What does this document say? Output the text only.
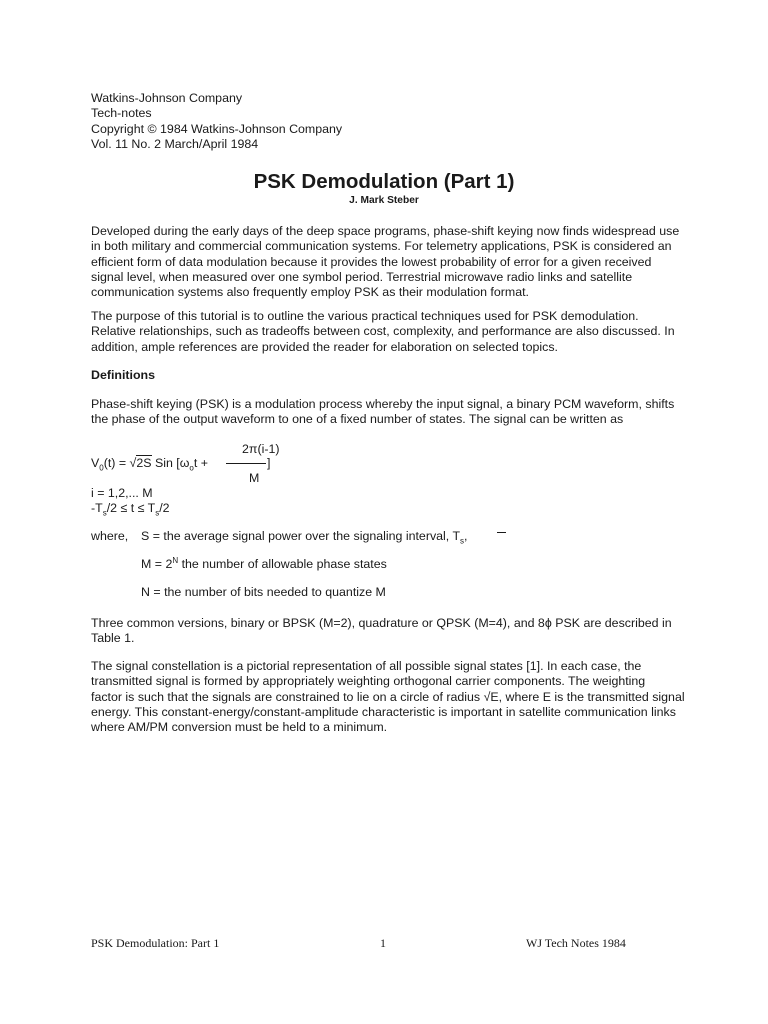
Watkins-Johnson Company
Tech-notes
Copyright © 1984 Watkins-Johnson Company
Vol. 11 No. 2 March/April 1984
PSK Demodulation (Part 1)
J. Mark Steber
Developed during the early days of the deep space programs, phase-shift keying now finds widespread use
in both military and commercial communication systems. For telemetry applications, PSK is considered an
efficient form of data modulation because it provides the lowest probability of error for a given received
signal level, when measured over one symbol period. Terrestrial microwave radio links and satellite
communication systems also frequently employ PSK as their modulation format.
The purpose of this tutorial is to outline the various practical techniques used for PSK demodulation.
Relative relationships, such as tradeoffs between cost, complexity, and performance are also discussed. In
addition, ample references are provided the reader for elaboration on selected topics.
Definitions
Phase-shift keying (PSK) is a modulation process whereby the input signal, a binary PCM waveform, shifts
the phase of the output waveform to one of a fixed number of states. The signal can be written as
2π(i-1)
$V_0(t) = √2S$ Sin [$\omega_ot$ +	]
M
i = 1,2,... M
$-T_s/2 \le t \le T_s/2$
where, S = the average signal power over the signaling interval, $T_s$,
$M = 2^N$ the number of allowable phase states
N = the number of bits needed to quantize M
Three common versions, binary or BPSK (M=2), quadrature or QPSK (M=4), and 8ϕ PSK are described in
Table 1.
The signal constellation is a pictorial representation of all possible signal states [1]. In each case, the
transmitted signal is formed by appropriately weighting orthogonal carrier components. The weighting
factor is such that the signals are constrained to lie on a circle of radius √E, where E is the transmitted signal
energy. This constant-energy/constant-amplitude characteristic is important in satellite communication links
where AM/PM conversion must be held to a minimum.
PSK Demodulation: Part 1	1	WJ Tech Notes 1984
